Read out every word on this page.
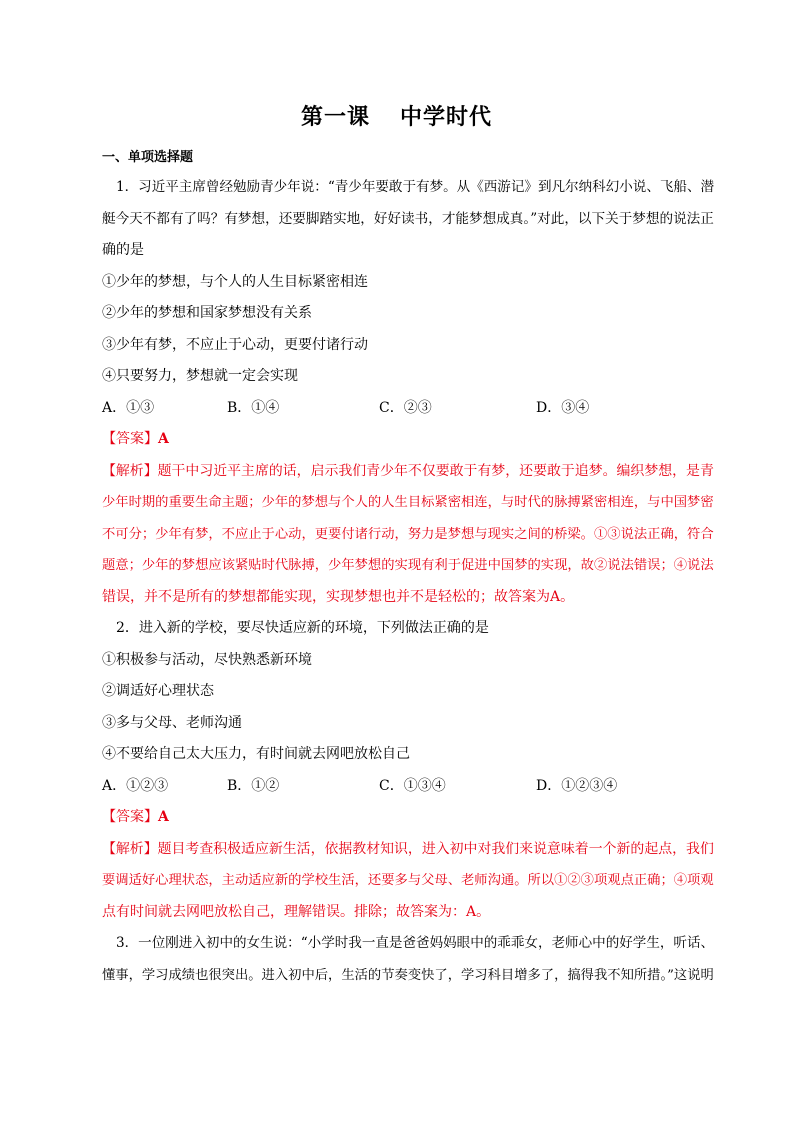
第一课 中学时代
一、单项选择题
1．习近平主席曾经勉励青少年说：“青少年要敢于有梦。从《西游记》到凡尔纳科幻小说、飞船、潜
艇今天不都有了吗？有梦想，还要脚踏实地，好好读书，才能梦想成真。”对此，以下关于梦想的说法正
确的是
①少年的梦想，与个人的人生目标紧密相连
②少年的梦想和国家梦想没有关系
③少年有梦，不应止于心动，更要付诸行动
④只要努力，梦想就一定会实现
A．①③	B．①④	C．②③	D．③④
【答案】A
【解析】题干中习近平主席的话，启示我们青少年不仅要敢于有梦，还要敢于追梦。编织梦想，是青
少年时期的重要生命主题；少年的梦想与个人的人生目标紧密相连，与时代的脉搏紧密相连，与中国梦密
不可分；少年有梦，不应止于心动，更要付诸行动，努力是梦想与现实之间的桥梁。①③说法正确，符合
题意；少年的梦想应该紧贴时代脉搏，少年梦想的实现有利于促进中国梦的实现，故②说法错误；④说法
错误，并不是所有的梦想都能实现，实现梦想也并不是轻松的；故答案为A。
2．进入新的学校，要尽快适应新的环境，下列做法正确的是
①积极参与活动，尽快熟悉新环境
②调适好心理状态
③多与父母、老师沟通
④不要给自己太大压力，有时间就去网吧放松自己
A．①②③	B．①②	C．①③④	D．①②③④
【答案】A
【解析】题目考查积极适应新生活，依据教材知识，进入初中对我们来说意味着一个新的起点，我们
要调适好心理状态，主动适应新的学校生活，还要多与父母、老师沟通。所以①②③项观点正确；④项观
点有时间就去网吧放松自己，理解错误。排除；故答案为：A。
3．一位刚进入初中的女生说：“小学时我一直是爸爸妈妈眼中的乖乖女，老师心中的好学生，听话、
懂事，学习成绩也很突出。进入初中后，生活的节奏变快了，学习科目增多了，搞得我不知所措。”这说明
